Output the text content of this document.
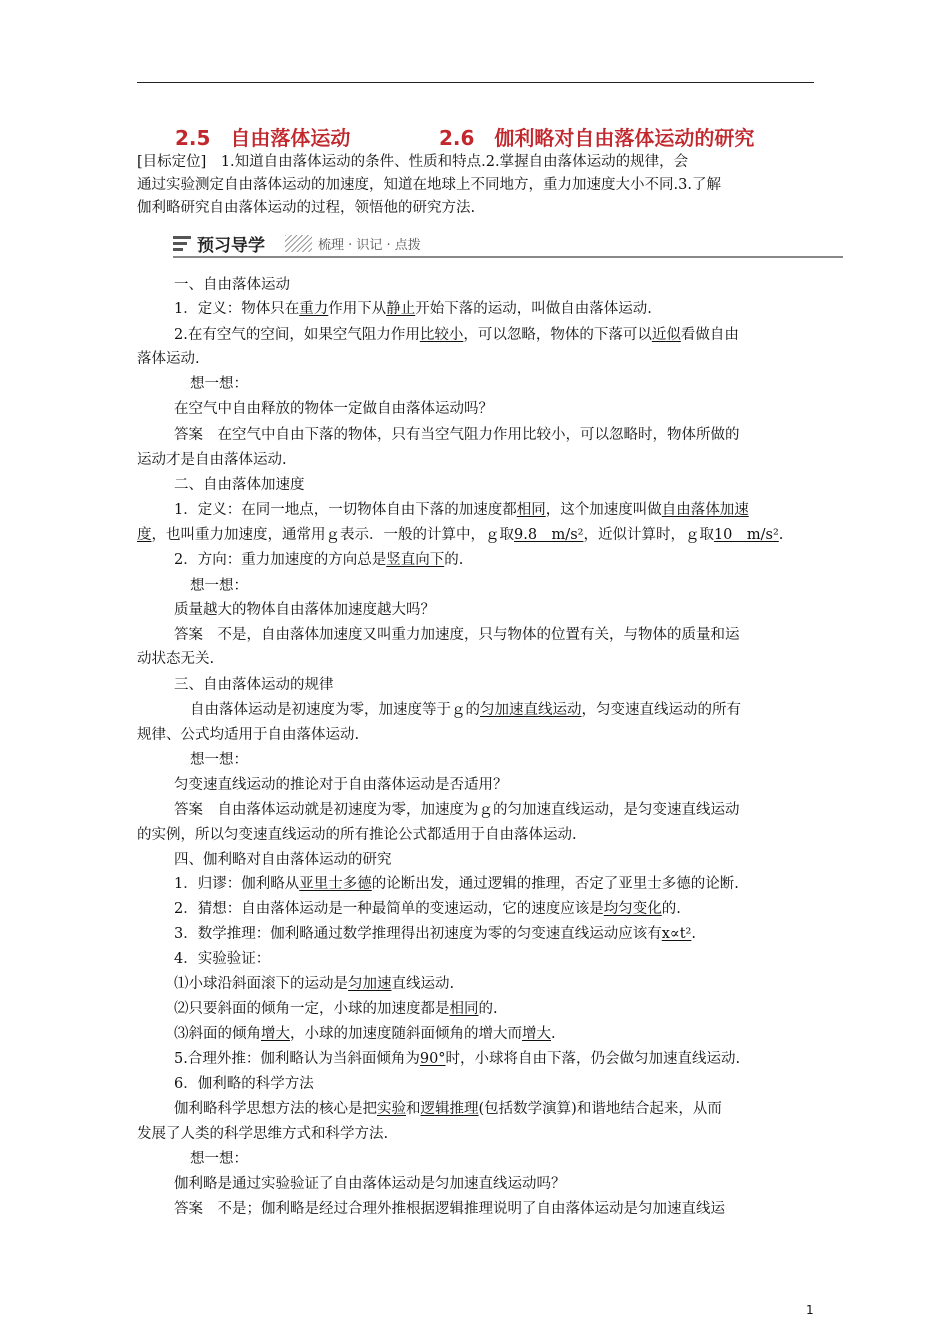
2.5　自由落体运动	2.6　伽利略对自由落体运动的研究
[目标定位]　1.知道自由落体运动的条件、性质和特点.2.掌握自由落体运动的规律，会
通过实验测定自由落体运动的加速度，知道在地球上不同地方，重力加速度大小不同.3.了解
伽利略研究自由落体运动的过程，领悟他的研究方法.
预习导学	梳理 · 识记 · 点拨
一、自由落体运动
1．定义：物体只在重力作用下从静止开始下落的运动，叫做自由落体运动.
2.在有空气的空间，如果空气阻力作用比较小，可以忽略，物体的下落可以近似看做自由
落体运动.
想一想：
在空气中自由释放的物体一定做自由落体运动吗？
答案　在空气中自由下落的物体，只有当空气阻力作用比较小，可以忽略时，物体所做的
运动才是自由落体运动.
二、自由落体加速度
1．定义：在同一地点，一切物体自由下落的加速度都相同，这个加速度叫做自由落体加速
度，也叫重力加速度，通常用ｇ表示．一般的计算中，ｇ取9.8　m/s²，近似计算时，ｇ取10　m/s².
2．方向：重力加速度的方向总是竖直向下的.
想一想：
质量越大的物体自由落体加速度越大吗？
答案　不是，自由落体加速度又叫重力加速度，只与物体的位置有关，与物体的质量和运
动状态无关.
三、自由落体运动的规律
自由落体运动是初速度为零，加速度等于ｇ的匀加速直线运动，匀变速直线运动的所有
规律、公式均适用于自由落体运动.
想一想：
匀变速直线运动的推论对于自由落体运动是否适用？
答案　自由落体运动就是初速度为零，加速度为ｇ的匀加速直线运动，是匀变速直线运动
的实例，所以匀变速直线运动的所有推论公式都适用于自由落体运动.
四、伽利略对自由落体运动的研究
1．归谬：伽利略从亚里士多德的论断出发，通过逻辑的推理，否定了亚里士多德的论断.
2．猜想：自由落体运动是一种最简单的变速运动，它的速度应该是均匀变化的.
3．数学推理：伽利略通过数学推理得出初速度为零的匀变速直线运动应该有x∝t².
4．实验验证：
⑴小球沿斜面滚下的运动是匀加速直线运动.
⑵只要斜面的倾角一定，小球的加速度都是相同的.
⑶斜面的倾角增大，小球的加速度随斜面倾角的增大而增大.
5.合理外推：伽利略认为当斜面倾角为90°时，小球将自由下落，仍会做匀加速直线运动.
6．伽利略的科学方法
伽利略科学思想方法的核心是把实验和逻辑推理(包括数学演算)和谐地结合起来，从而
发展了人类的科学思维方式和科学方法.
想一想：
伽利略是通过实验验证了自由落体运动是匀加速直线运动吗？
答案　不是；伽利略是经过合理外推根据逻辑推理说明了自由落体运动是匀加速直线运
1
